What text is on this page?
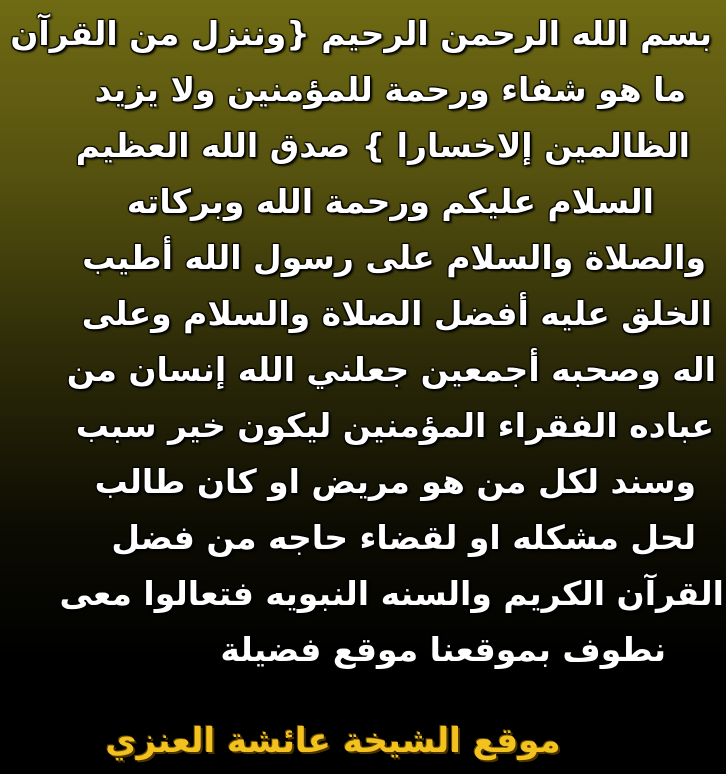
بسم الله الرحمن الرحيم {وننزل من القرآن
ما هو شفاء ورحمة للمؤمنين ولا يزيد
الظالمين إلاخسارا } صدق الله العظيم
السلام عليكم ورحمة الله وبركاته
والصلاة والسلام على رسول الله أطيب
الخلق عليه أفضل الصلاة والسلام وعلى
اله وصحبه أجمعين جعلني الله إنسان من
عباده الفقراء المؤمنين ليكون خير سبب
وسند لكل من هو مريض او كان طالب
لحل مشكله او لقضاء حاجه من فضل
القرآن الكريم والسنه النبويه فتعالوا معى
نطوف بموقعنا موقع فضيلة
موقع الشيخة عائشة العنزي
